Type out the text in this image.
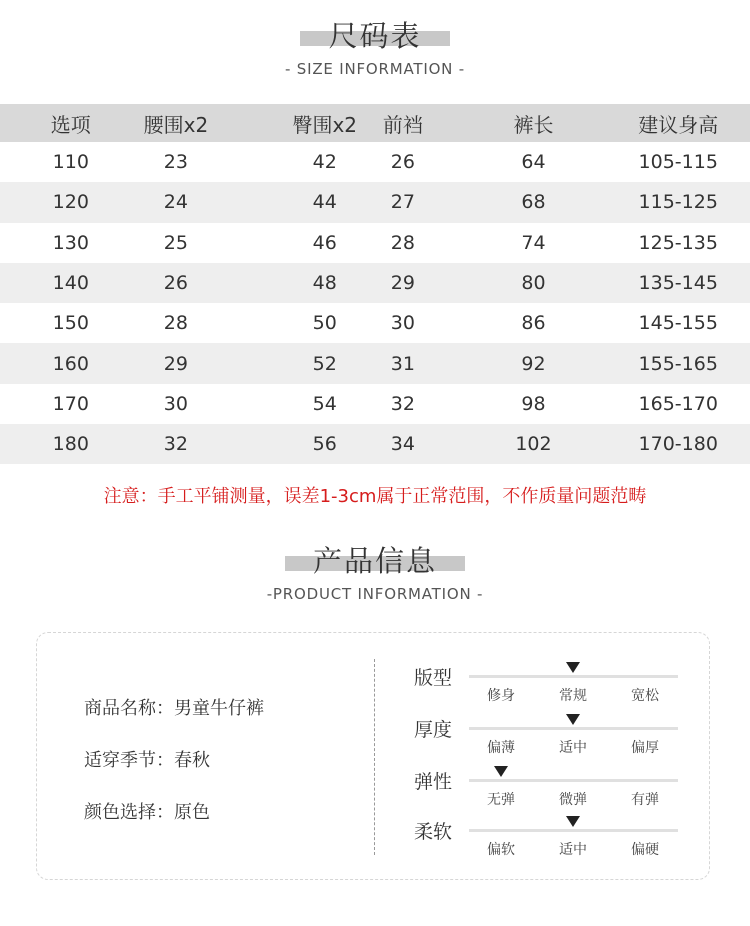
尺码表
- SIZE INFORMATION -
选项	腰围x2	臀围x2	前裆	裤长	建议身高
110	23	42	26	64	105-115
120	24	44	27	68	115-125
130	25	46	28	74	125-135
140	26	48	29	80	135-145
150	28	50	30	86	145-155
160	29	52	31	92	155-165
170	30	54	32	98	165-170
180	32	56	34	102	170-180
注意：手工平铺测量，误差1-3cm属于正常范围，不作质量问题范畴
产品信息
-PRODUCT INFORMATION -
商品名称：男童牛仔裤
适穿季节：春秋
颜色选择：原色
版型
修身	常规	宽松
厚度
偏薄	适中	偏厚
弹性
无弹	微弹	有弹
柔软
偏软	适中	偏硬
